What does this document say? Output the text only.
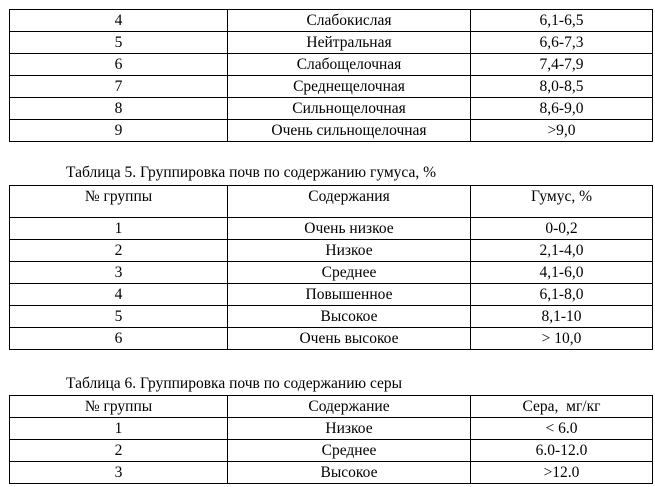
4	Слабокислая	6,1-6,5
5	Нейтральная	6,6-7,3
6	Слабощелочная	7,4-7,9
7	Среднещелочная	8,0-8,5
8	Сильнощелочная	8,6-9,0
9	Очень сильнощелочная	>9,0
Таблица 5. Группировка почв по содержанию гумуса, %
№ группы	Содержания	Гумус, %
1	Очень низкое	0-0,2
2	Низкое	2,1-4,0
3	Среднее	4,1-6,0
4	Повышенное	6,1-8,0
5	Высокое	8,1-10
6	Очень высокое	> 10,0
Таблица 6. Группировка почв по содержанию серы
№ группы	Содержание	Сера,  мг/кг
1	Низкое	< 6.0
2	Среднее	6.0-12.0
3	Высокое	>12.0
